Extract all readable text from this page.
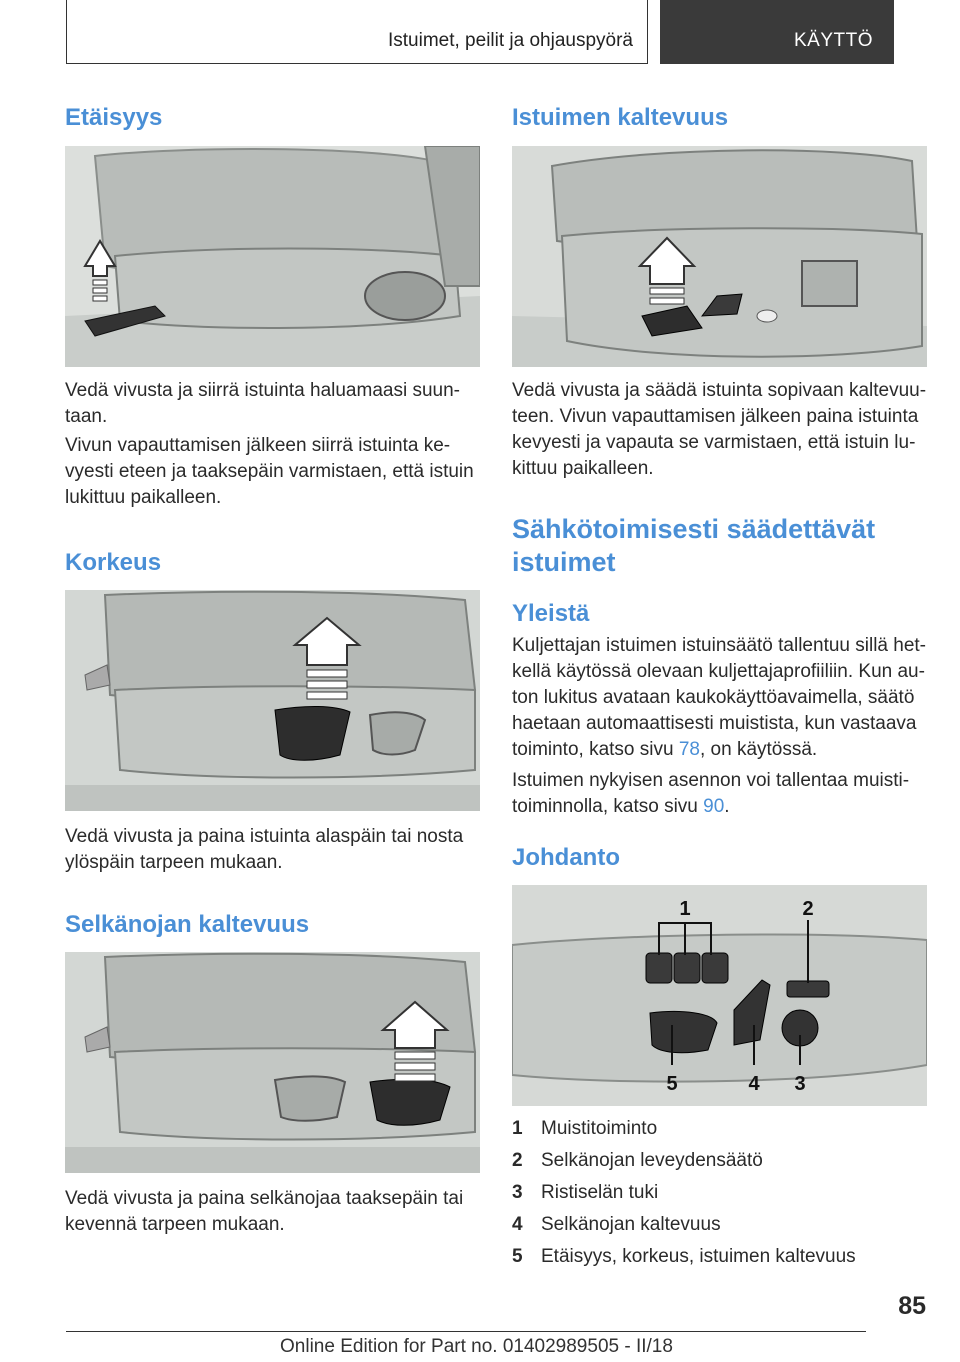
Istuimet, peilit ja ohjauspyörä	KÄYTTÖ
Etäisyys

Vedä vivusta ja siirrä istuinta haluamaasi suun‐
taan.

Vivun vapauttamisen jälkeen siirrä istuinta ke‐
vyesti eteen ja taaksepäin varmistaen, että istuin
lukittuu paikalleen.

Korkeus

Vedä vivusta ja paina istuinta alaspäin tai nosta
ylöspäin tarpeen mukaan.

Selkänojan kaltevuus

Vedä vivusta ja paina selkänojaa taaksepäin tai
kevennä tarpeen mukaan.

Istuimen kaltevuus

Vedä vivusta ja säädä istuinta sopivaan kaltevuu‐
teen. Vivun vapauttamisen jälkeen paina istuinta
kevyesti ja vapauta se varmistaen, että istuin lu‐
kittuu paikalleen.

Sähkötoimisesti säädettävät
istuimet
Yleistä

Kuljettajan istuimen istuinsäätö tallentuu sillä het‐
kellä käytössä olevaan kuljettajaprofiiliin. Kun au‐
ton lukitus avataan kaukokäyttöavaimella, säätö
haetaan automaattisesti muistista, kun vastaava
toiminto, katso sivu 78, on käytössä.

Istuimen nykyisen asennon voi tallentaa muisti‐
toiminnolla, katso sivu 90.

Johdanto
1	2
3
4
5
1 Muistitoiminto
2 Selkänojan leveydensäätö
3 Ristiselän tuki
4 Selkänojan kaltevuus
5 Etäisyys, korkeus, istuimen kaltevuus
85
Online Edition for Part no. 01402989505 - II/18
